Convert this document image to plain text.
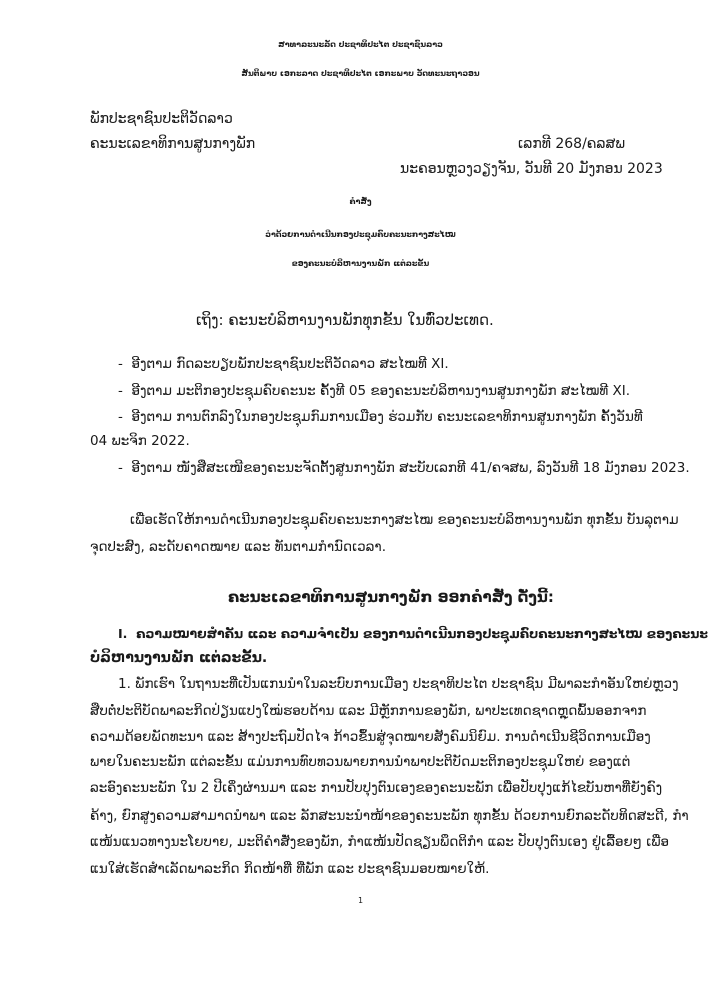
ສາທາລະນະລັດ ປະຊາທິປະໄຕ ປະຊາຊົນລາວ
ສັນຕິພາບ ເອກະລາດ ປະຊາທິປະໄຕ ເອກະພາບ ວັດທະນະຖາວອນ
ພັກປະຊາຊົນປະຕິວັດລາວ
ຄະນະເລຂາທິການສູນກາງພັກ	ເລກທີ 268/ຄລສພ
ນະຄອນຫຼວງວຽງຈັນ, ວັນທີ 20 ມັງກອນ 2023
ຄຳສັ່ງ
ວ່າດ້ວຍການດຳເນີນກອງປະຊຸມຄົບຄະນະກາງສະໄໝ
ຂອງຄະນະບໍລິຫານງານພັກ ແຕ່ລະຂັ້ນ
ເຖິງ: ຄະນະບໍລິຫານງານພັກທຸກຂັ້ນ ໃນທົ່ວປະເທດ.
-  ອີງຕາມ ກົດລະບຽບພັກປະຊາຊົນປະຕິວັດລາວ ສະໄໝທີ XI.
-  ອີງຕາມ ມະຕິກອງປະຊຸມຄົບຄະນະ ຄັ້ງທີ 05 ຂອງຄະນະບໍລິຫານງານສູນກາງພັກ ສະໄໝທີ XI.
-  ອີງຕາມ ການຕົກລົງໃນກອງປະຊຸມກົມການເມືອງ ຮ່ວມກັບ ຄະນະເລຂາທິການສູນກາງພັກ ຄັ້ງວັນທີ
04 ພະຈິກ 2022.
-  ອີງຕາມ ໜັງສືສະເໜີຂອງຄະນະຈັດຕັ້ງສູນກາງພັກ ສະບັບເລກທີ 41/ຄຈສພ, ລົງວັນທີ 18 ມັງກອນ 2023.
ເພື່ອເຮັດໃຫ້ການດຳເນີນກອງປະຊຸມຄົບຄະນະກາງສະໄໝ ຂອງຄະນະບໍລິຫານງານພັກ ທຸກຂັ້ນ ບັນລຸຕາມ
ຈຸດປະສົງ, ລະດັບຄາດໝາຍ ແລະ ທັນຕາມກຳນົດເວລາ.
ຄະນະເລຂາທິການສູນກາງພັກ ອອກຄຳສັ່ງ ດັ່ງນີ້:
I. ຄວາມໝາຍສຳຄັນ ແລະ ຄວາມຈຳເປັນ ຂອງການດຳເນີນກອງປະຊຸມຄົບຄະນະກາງສະໄໝ ຂອງຄະນະ
ບໍລິຫານງານພັກ ແຕ່ລະຂັ້ນ.
1. ພັກເຮົາ ໃນຖານະທີ່ເປັນແກນນຳໃນລະບົບການເມືອງ ປະຊາທິປະໄຕ ປະຊາຊົນ ມີພາລະກຳອັນໃຫຍ່ຫຼວງ
ສືບຕໍ່ປະຕິບັດພາລະກິດປ່ຽນແປງໃໝ່ຮອບດ້ານ ແລະ ມີຫຼັກການຂອງພັກ, ພາປະເທດຊາດຫຼຸດພົ້ນອອກຈາກ
ຄວາມດ້ອຍພັດທະນາ ແລະ ສ້າງປະຖົມປັດໄຈ ກ້າວຂຶ້ນສູ່ຈຸດໝາຍສັງຄົມນິຍົມ. ການດຳເນີນຊີວິດການເມືອງ
ພາຍໃນຄະນະພັກ ແຕ່ລະຂັ້ນ ແມ່ນການທົບທວນພາຍການນຳພາປະຕິບັດມະຕິກອງປະຊຸມໃຫຍ່ ຂອງແຕ່
ລະອົງຄະນະພັກ ໃນ 2 ປີເຄິ່ງຜ່ານມາ ແລະ ການປັບປຸງຕົນເອງຂອງຄະນະພັກ ເພື່ອປັບປຸງແກ້ໄຂບັນຫາທີ່ຍັງຄົງ
ຄ້າງ, ຍົກສູງຄວາມສາມາດນຳພາ ແລະ ລັກສະນະນຳໜ້າຂອງຄະນະພັກ ທຸກຂັ້ນ ດ້ວຍການຍົກລະດັບທິດສະດີ, ກຳ
ແໜ້ນແນວທາງນະໂຍບາຍ, ມະຕິຄຳສັ່ງຂອງພັກ, ກຳແໜ້ນປັດຊຽນພຶດຕິກຳ ແລະ ປັບປຸງຕົນເອງ ຢູ່ເລື້ອຍໆ ເພື່ອ
ແນໃສ່ເຮັດສຳເລັດພາລະກິດ ກິດໜ້າທີ່ ທີ່ພັກ ແລະ ປະຊາຊົນມອບໝາຍໃຫ້.
1
